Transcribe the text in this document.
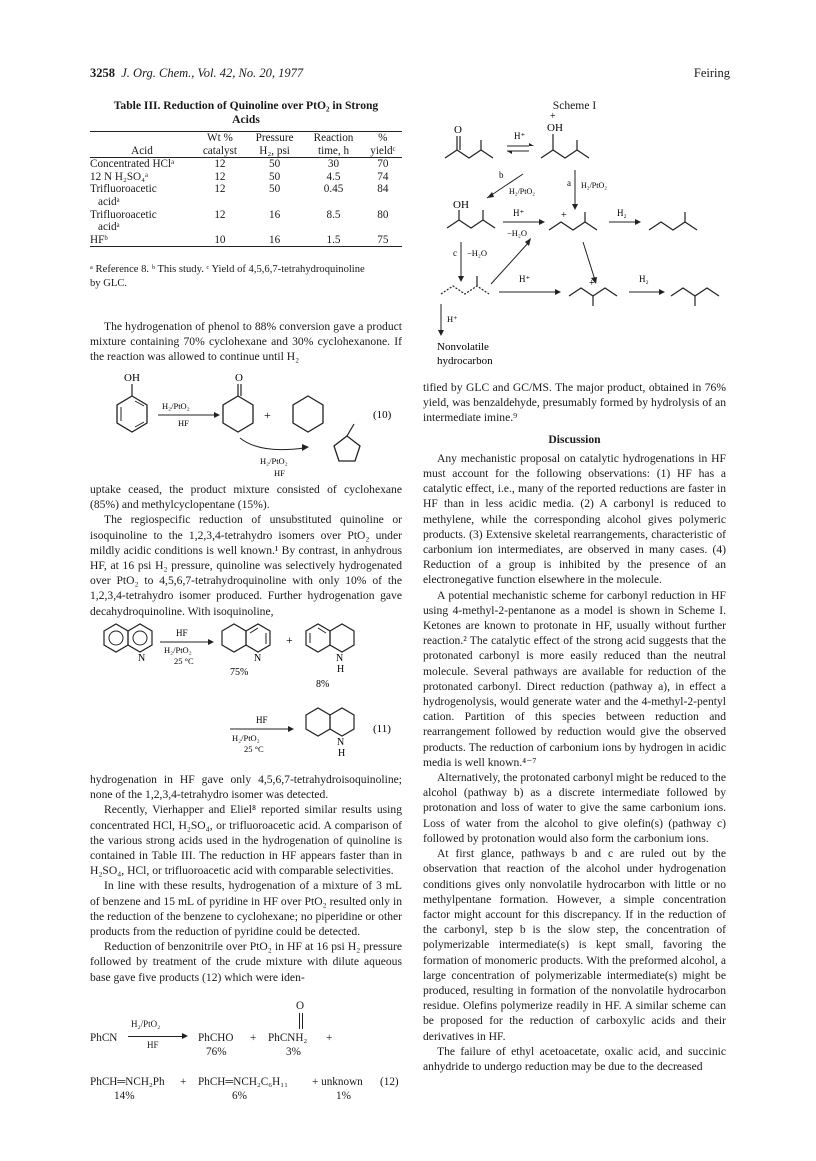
3258 J. Org. Chem., Vol. 42, No. 20, 1977	Feiring
Table III. Reduction of Quinoline over PtO₂ in Strong
Acids
	Wt %	Pressure	Reaction	%
Acid	catalyst	H₂, psi	time, h	yieldᶜ

Concentrated HClᵃ	12	50	30	70

12 N H₂SO₄ᵃ	12	50	4.5	74

Trifluoroacetic
acidᵃ	12	50	0.45	84

Trifluoroacetic
acidᵃ	12	16	8.5	80

HFᵇ	10	16	1.5	75
ᵃ Reference 8. ᵇ This study. ᶜ Yield of 4,5,6,7-tetrahydroquinoline
by GLC.

The hydrogenation of phenol to 88% conversion gave a product mixture containing 70% cyclohexane and 30% cyclohexanone. If the reaction was allowed to continue until H₂

OH
H₂/PtO₂
HF
O
+	(10)
H₂/PtO₂
HF

uptake ceased, the product mixture consisted of cyclohexane (85%) and methylcyclopentane (15%).

The regiospecific reduction of unsubstituted quinoline or isoquinoline to the 1,2,3,4-tetrahydro isomers over PtO₂ under mildly acidic conditions is well known.¹ By contrast, in anhydrous HF, at 16 psi H₂ pressure, quinoline was selectively hydrogenated over PtO₂ to 4,5,6,7-tetrahydroquinoline with only 10% of the 1,2,3,4-tetrahydro isomer produced. Further hydrogenation gave decahydroquinoline. With isoquinoline,

N
HF
H₂/PtO₂
25 °C	N
75%
+
N
H
8%
HF
H₂/PtO₂
25 °C
N
H
(11)

hydrogenation in HF gave only 4,5,6,7-tetrahydroisoquinoline; none of the 1,2,3,4-tetrahydro isomer was detected.

Recently, Vierhapper and Eliel⁸ reported similar results using concentrated HCl, H₂SO₄, or trifluoroacetic acid. A comparison of the various strong acids used in the hydrogenation of quinoline is contained in Table III. The reduction in HF appears faster than in H₂SO₄, HCl, or trifluoroacetic acid with comparable selectivities.

In line with these results, hydrogenation of a mixture of 3 mL of benzene and 15 mL of pyridine in HF over PtO₂ resulted only in the reduction of the benzene to cyclohexane; no piperidine or other products from the reduction of pyridine could be detected.

Reduction of benzonitrile over PtO₂ in HF at 16 psi H₂ pressure followed by treatment of the crude mixture with dilute aqueous base gave five products (12) which were iden-

PhCN
H₂/PtO₂
HF
PhCHO +
O
PhCNH₂ +
76%	3%
PhCH═NCH₂Ph + PhCH═NCH₂C₆H₁₁ + unknown (12)
14%	6%	1%
Scheme I
O	H⁺
+
OH
b
H₂/PtO₂
a H₂/PtO₂
OH
H⁺
−H₂O
+	H₂
c −H₂O
H⁺	+	H₂
H⁺
Nonvolatile
hydrocarbon

tified by GLC and GC/MS. The major product, obtained in 76% yield, was benzaldehyde, presumably formed by hydrolysis of an intermediate imine.⁹

Discussion

Any mechanistic proposal on catalytic hydrogenations in HF must account for the following observations: (1) HF has a catalytic effect, i.e., many of the reported reductions are faster in HF than in less acidic media. (2) A carbonyl is reduced to methylene, while the corresponding alcohol gives polymeric products. (3) Extensive skeletal rearrangements, characteristic of carbonium ion intermediates, are observed in many cases. (4) Reduction of a group is inhibited by the presence of an electronegative function elsewhere in the molecule.

A potential mechanistic scheme for carbonyl reduction in HF using 4-methyl-2-pentanone as a model is shown in Scheme I. Ketones are known to protonate in HF, usually without further reaction.² The catalytic effect of the strong acid suggests that the protonated carbonyl is more easily reduced than the neutral molecule. Several pathways are available for reduction of the protonated carbonyl. Direct reduction (pathway a), in effect a hydrogenolysis, would generate water and the 4-methyl-2-pentyl cation. Partition of this species between reduction and rearrangement followed by reduction would give the observed products. The reduction of carbonium ions by hydrogen in acidic media is well known.⁴⁻⁷

Alternatively, the protonated carbonyl might be reduced to the alcohol (pathway b) as a discrete intermediate followed by protonation and loss of water to give the same carbonium ions. Loss of water from the alcohol to give olefin(s) (pathway c) followed by protonation would also form the carbonium ions.

At first glance, pathways b and c are ruled out by the observation that reaction of the alcohol under hydrogenation conditions gives only nonvolatile hydrocarbon with little or no methylpentane formation. However, a simple concentration factor might account for this discrepancy. If in the reduction of the carbonyl, step b is the slow step, the concentration of polymerizable intermediate(s) is kept small, favoring the formation of monomeric products. With the preformed alcohol, a large concentration of polymerizable intermediate(s) might be produced, resulting in formation of the nonvolatile hydrocarbon residue. Olefins polymerize readily in HF. A similar scheme can be proposed for the reduction of carboxylic acids and their derivatives in HF.

The failure of ethyl acetoacetate, oxalic acid, and succinic anhydride to undergo reduction may be due to the decreased
